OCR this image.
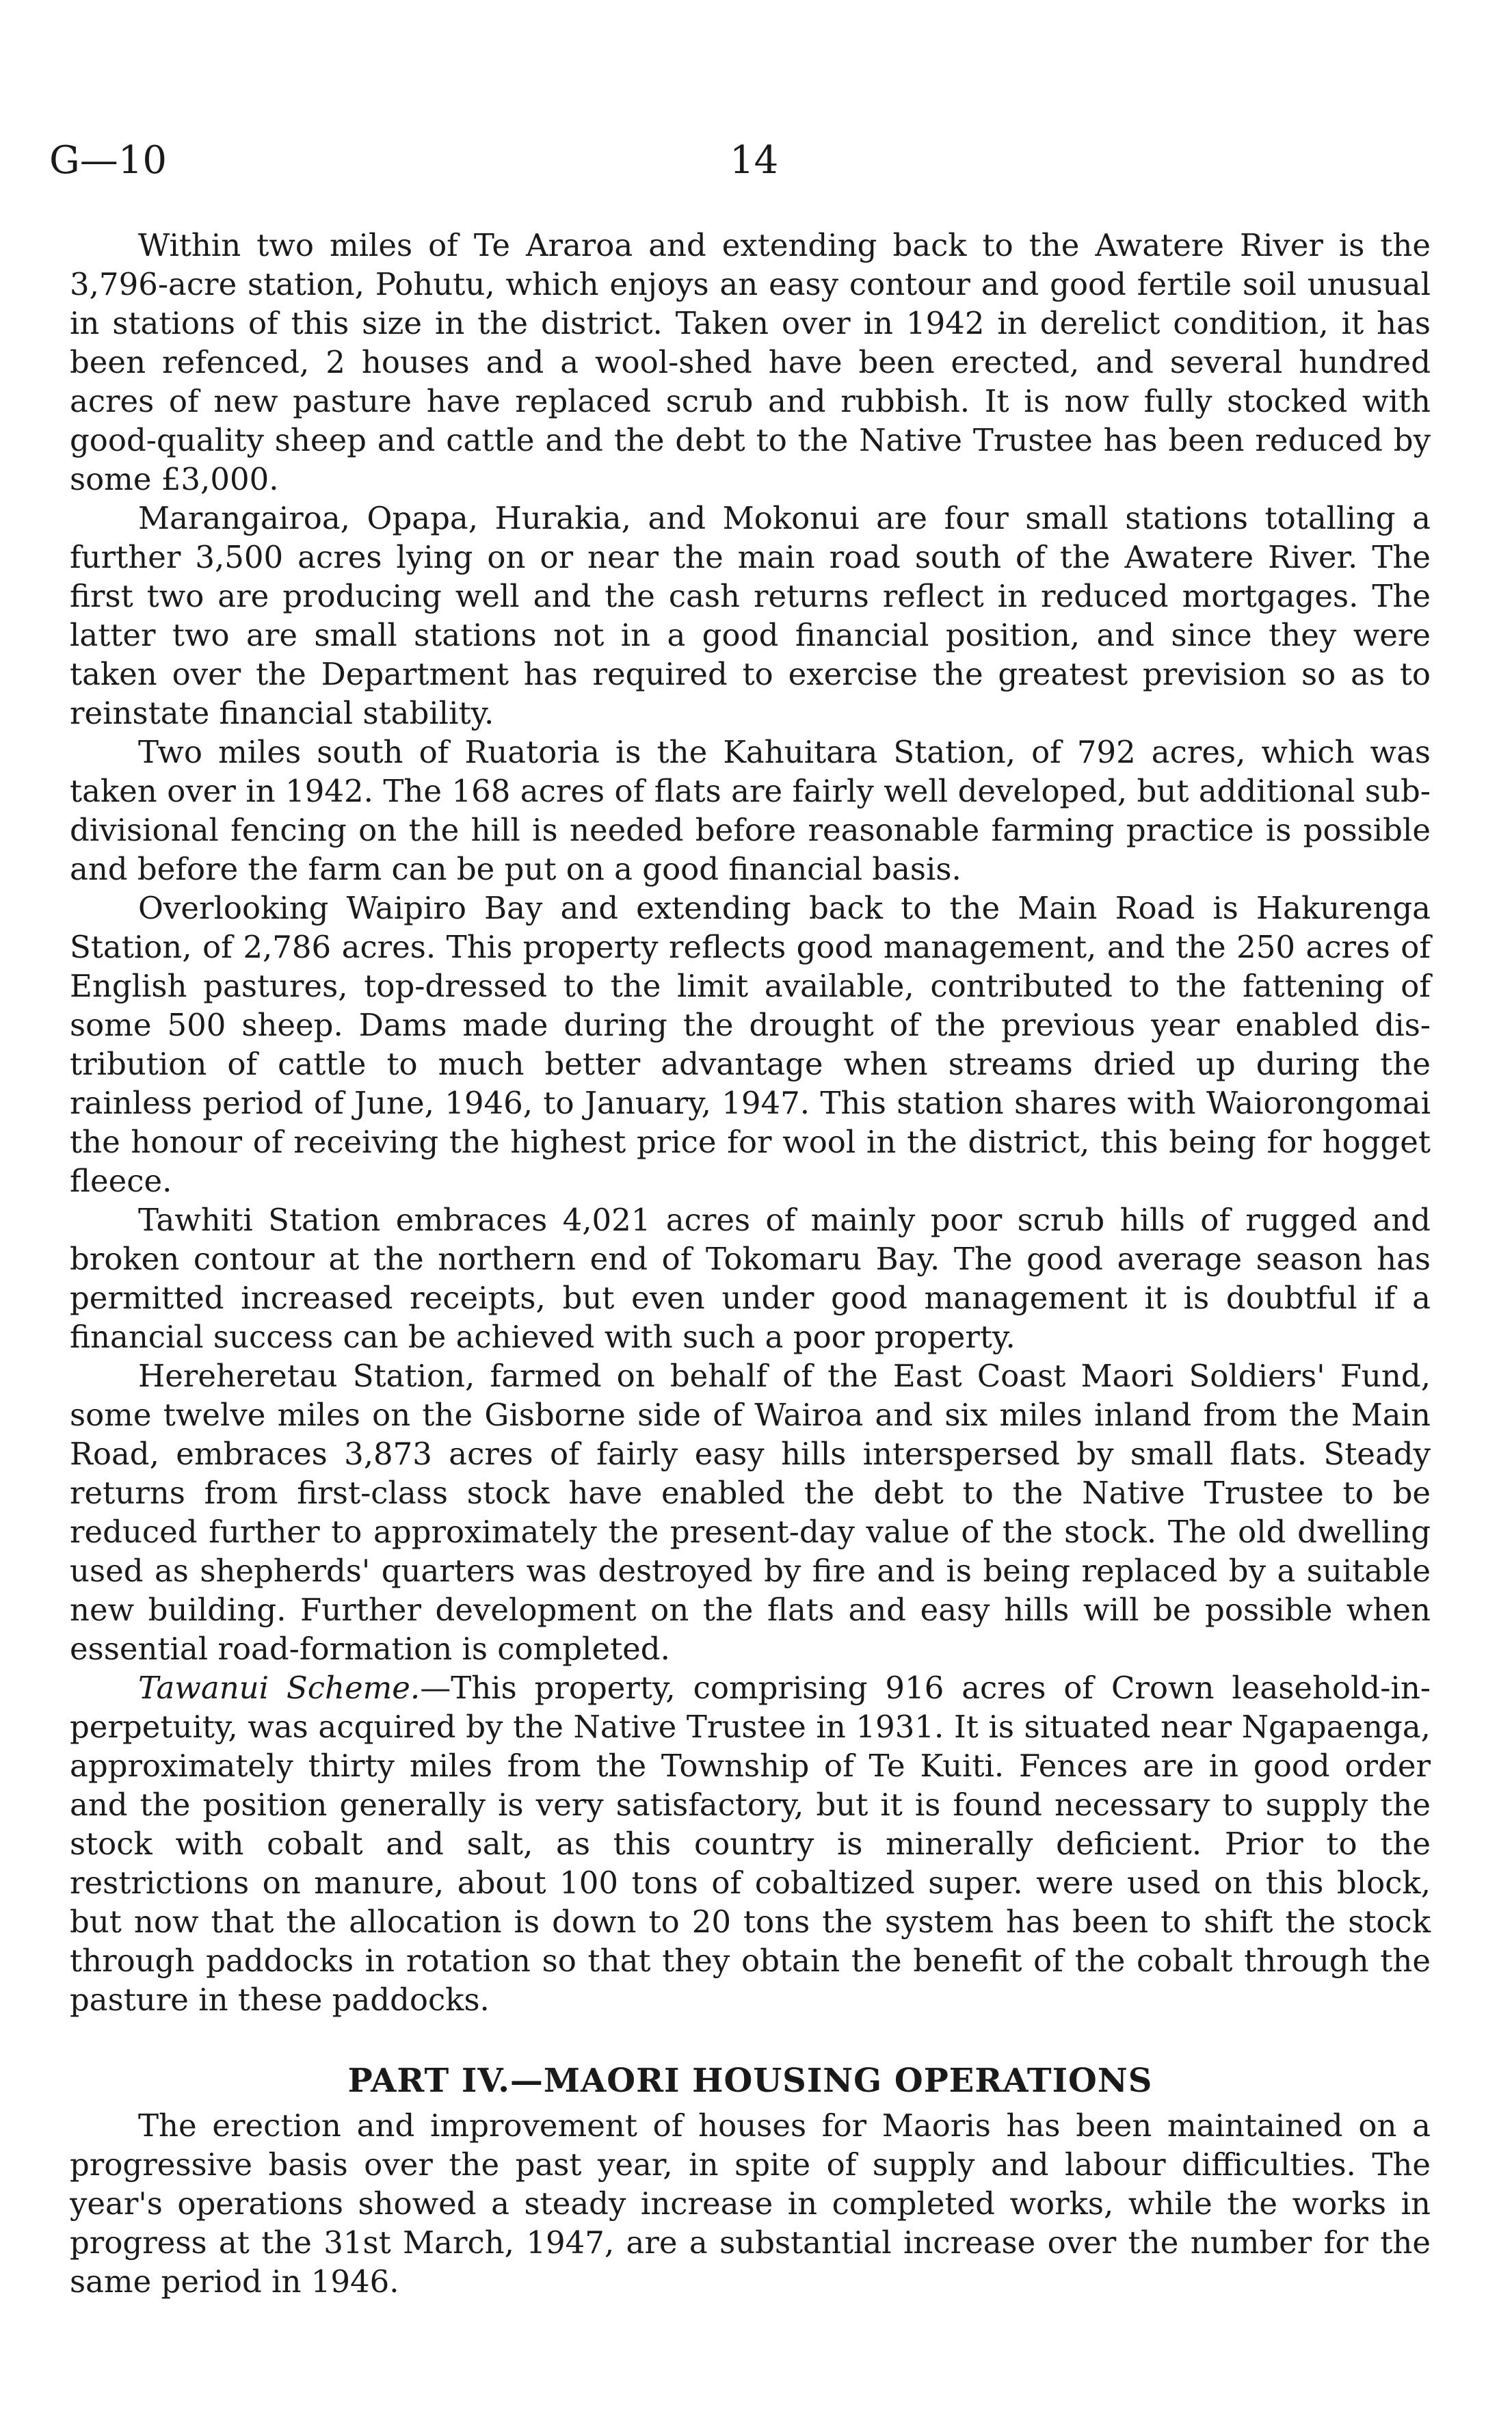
G—10	14

Within two miles of Te Araroa and extending back to the Awatere River is the 3,796-acre station, Pohutu, which enjoys an easy contour and good fertile soil unusual in stations of this size in the district. Taken over in 1942 in derelict condition, it has been refenced, 2 houses and a wool-shed have been erected, and several hundred acres of new pasture have replaced scrub and rubbish. It is now fully stocked with good-quality sheep and cattle and the debt to the Native Trustee has been reduced by some £3,000.

Marangairoa, Opapa, Hurakia, and Mokonui are four small stations totalling a further 3,500 acres lying on or near the main road south of the Awatere River. The first two are producing well and the cash returns reflect in reduced mortgages. The latter two are small stations not in a good financial position, and since they were taken over the Department has required to exercise the greatest prevision so as to reinstate financial stability.

Two miles south of Ruatoria is the Kahuitara Station, of 792 acres, which was taken over in 1942. The 168 acres of flats are fairly well developed, but additional sub-divisional fencing on the hill is needed before reasonable farming practice is possible and before the farm can be put on a good financial basis.

Overlooking Waipiro Bay and extending back to the Main Road is Hakurenga Station, of 2,786 acres. This property reflects good management, and the 250 acres of English pastures, top-dressed to the limit available, contributed to the fattening of some 500 sheep. Dams made during the drought of the previous year enabled dis-tribution of cattle to much better advantage when streams dried up during the rainless period of June, 1946, to January, 1947. This station shares with Waiorongomai the honour of receiving the highest price for wool in the district, this being for hogget fleece.

Tawhiti Station embraces 4,021 acres of mainly poor scrub hills of rugged and broken contour at the northern end of Tokomaru Bay. The good average season has permitted increased receipts, but even under good management it is doubtful if a financial success can be achieved with such a poor property.

Hereheretau Station, farmed on behalf of the East Coast Maori Soldiers' Fund, some twelve miles on the Gisborne side of Wairoa and six miles inland from the Main Road, embraces 3,873 acres of fairly easy hills interspersed by small flats. Steady returns from first-class stock have enabled the debt to the Native Trustee to be reduced further to approximately the present-day value of the stock. The old dwelling used as shepherds' quarters was destroyed by fire and is being replaced by a suitable new building. Further development on the flats and easy hills will be possible when essential road-formation is completed.

Tawanui Scheme.—This property, comprising 916 acres of Crown leasehold-in-perpetuity, was acquired by the Native Trustee in 1931. It is situated near Ngapaenga, approximately thirty miles from the Township of Te Kuiti. Fences are in good order and the position generally is very satisfactory, but it is found necessary to supply the stock with cobalt and salt, as this country is minerally deficient. Prior to the restrictions on manure, about 100 tons of cobaltized super. were used on this block, but now that the allocation is down to 20 tons the system has been to shift the stock through paddocks in rotation so that they obtain the benefit of the cobalt through the pasture in these paddocks.

PART IV.—MAORI HOUSING OPERATIONS

The erection and improvement of houses for Maoris has been maintained on a progressive basis over the past year, in spite of supply and labour difficulties. The year's operations showed a steady increase in completed works, while the works in progress at the 31st March, 1947, are a substantial increase over the number for the same period in 1946.
